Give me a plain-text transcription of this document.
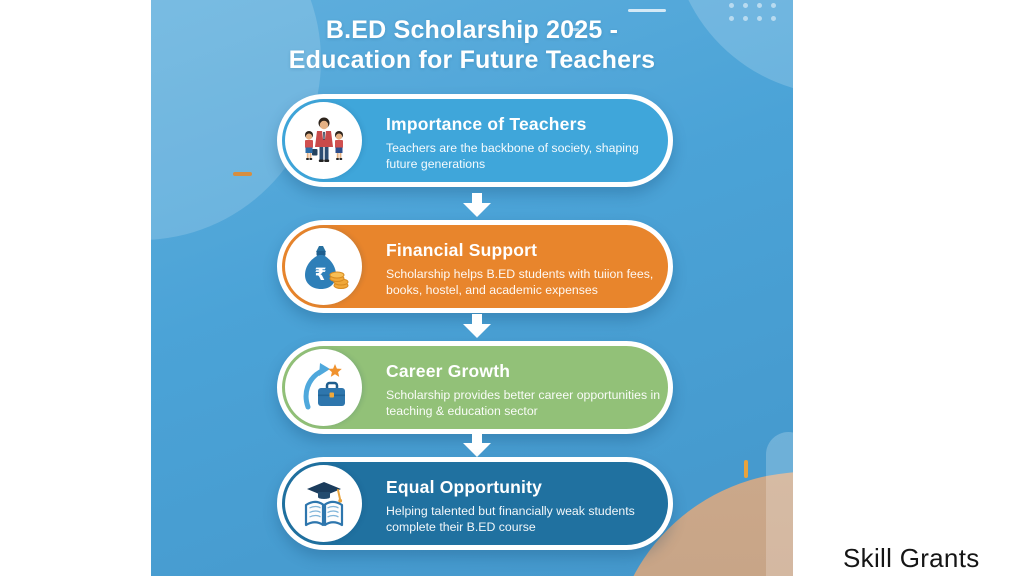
B.ED Scholarship 2025 -
Education for Future Teachers
Importance of Teachers
Teachers are the backbone of society, shaping future generations
₹
Financial Support
Scholarship helps B.ED students with tuiion fees, books, hostel, and academic expenses
Career Growth
Scholarship provides better career opportunities in teaching & education sector
Equal Opportunity
Helping talented but financially weak students complete their B.ED course
Skill Grants
